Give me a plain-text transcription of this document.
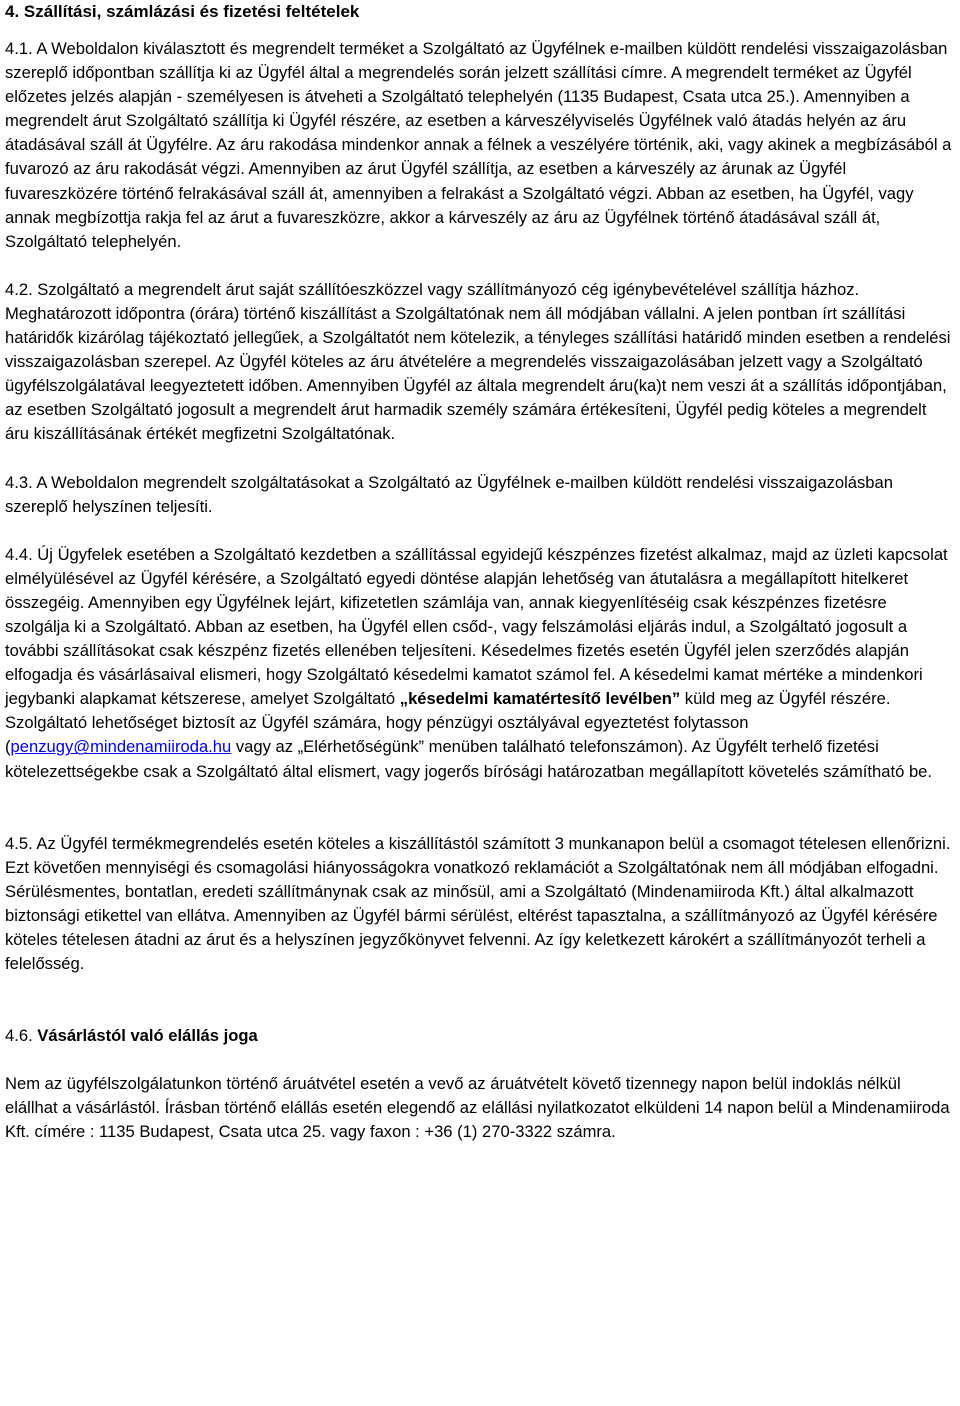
4. Szállítási, számlázási és fizetési feltételek

4.1. A Weboldalon kiválasztott és megrendelt terméket a Szolgáltató az Ügyfélnek e-mailben küldött rendelési visszaigazolásban szereplő időpontban szállítja ki az Ügyfél által a megrendelés során jelzett szállítási címre. A megrendelt terméket az Ügyfél előzetes jelzés alapján - személyesen is átveheti a Szolgáltató telephelyén (1135 Budapest, Csata utca 25.). Amennyiben a megrendelt árut Szolgáltató szállítja ki Ügyfél részére, az esetben a kárveszélyviselés Ügyfélnek való átadás helyén az áru átadásával száll át Ügyfélre. Az áru rakodása mindenkor annak a félnek a veszélyére történik, aki, vagy akinek a megbízásából a fuvarozó az áru rakodását végzi. Amennyiben az árut Ügyfél szállítja, az esetben a kárveszély az árunak az Ügyfél fuvareszközére történő felrakásával száll át, amennyiben a felrakást a Szolgáltató végzi. Abban az esetben, ha Ügyfél, vagy annak megbízottja rakja fel az árut a fuvareszközre, akkor a kárveszély az áru az Ügyfélnek történő átadásával száll át, Szolgáltató telephelyén.

4.2. Szolgáltató a megrendelt árut saját szállítóeszközzel vagy szállítmányozó cég igénybevételével szállítja házhoz. Meghatározott időpontra (órára) történő kiszállítást a Szolgáltatónak nem áll módjában vállalni. A jelen pontban írt szállítási határidők kizárólag tájékoztató jellegűek, a Szolgáltatót nem kötelezik, a tényleges szállítási határidő minden esetben a rendelési visszaigazolásban szerepel. Az Ügyfél köteles az áru átvételére a megrendelés visszaigazolásában jelzett vagy a Szolgáltató ügyfélszolgálatával leegyeztetett időben. Amennyiben Ügyfél az általa megrendelt áru(ka)t nem veszi át a szállítás időpontjában, az esetben Szolgáltató jogosult a megrendelt árut harmadik személy számára értékesíteni, Ügyfél pedig köteles a megrendelt áru kiszállításának értékét megfizetni Szolgáltatónak.

4.3. A Weboldalon megrendelt szolgáltatásokat a Szolgáltató az Ügyfélnek e-mailben küldött rendelési visszaigazolásban szereplő helyszínen teljesíti.

4.4. Új Ügyfelek esetében a Szolgáltató kezdetben a szállítással egyidejű készpénzes fizetést alkalmaz, majd az üzleti kapcsolat elmélyülésével az Ügyfél kérésére, a Szolgáltató egyedi döntése alapján lehetőség van átutalásra a megállapított hitelkeret összegéig. Amennyiben egy Ügyfélnek lejárt, kifizetetlen számlája van, annak kiegyenlítéséig csak készpénzes fizetésre szolgálja ki a Szolgáltató. Abban az esetben, ha Ügyfél ellen csőd-, vagy felszámolási eljárás indul, a Szolgáltató jogosult a további szállításokat csak készpénz fizetés ellenében teljesíteni. Késedelmes fizetés esetén Ügyfél jelen szerződés alapján elfogadja és vásárlásaival elismeri, hogy Szolgáltató késedelmi kamatot számol fel. A késedelmi kamat mértéke a mindenkori jegybanki alapkamat kétszerese, amelyet Szolgáltató „késedelmi kamatértesítő levélben” küld meg az Ügyfél részére. Szolgáltató lehetőséget biztosít az Ügyfél számára, hogy pénzügyi osztályával egyeztetést folytasson (penzugy@mindenamiiroda.hu vagy az „Elérhetőségünk” menüben található telefonszámon). Az Ügyfélt terhelő fizetési kötelezettségekbe csak a Szolgáltató által elismert, vagy jogerős bírósági határozatban megállapított követelés számítható be.

4.5. Az Ügyfél termékmegrendelés esetén köteles a kiszállítástól számított 3 munkanapon belül a csomagot tételesen ellenőrizni. Ezt követően mennyiségi és csomagolási hiányosságokra vonatkozó reklamációt a Szolgáltatónak nem áll módjában elfogadni. Sérülésmentes, bontatlan, eredeti szállítmánynak csak az minősül, ami a Szolgáltató (Mindenamiiroda Kft.) által alkalmazott biztonsági etikettel van ellátva. Amennyiben az Ügyfél bármi sérülést, eltérést tapasztalna, a szállítmányozó az Ügyfél kérésére köteles tételesen átadni az árut és a helyszínen jegyzőkönyvet felvenni. Az így keletkezett károkért a szállítmányozót terheli a felelősség.

4.6. Vásárlástól való elállás joga

Nem az ügyfélszolgálatunkon történő áruátvétel esetén a vevő az áruátvételt követő tizennegy napon belül indoklás nélkül elállhat a vásárlástól. Írásban történő elállás esetén elegendő az elállási nyilatkozatot elküldeni 14 napon belül a Mindenamiiroda Kft. címére : 1135 Budapest, Csata utca 25. vagy faxon : +36 (1) 270-3322 számra.
